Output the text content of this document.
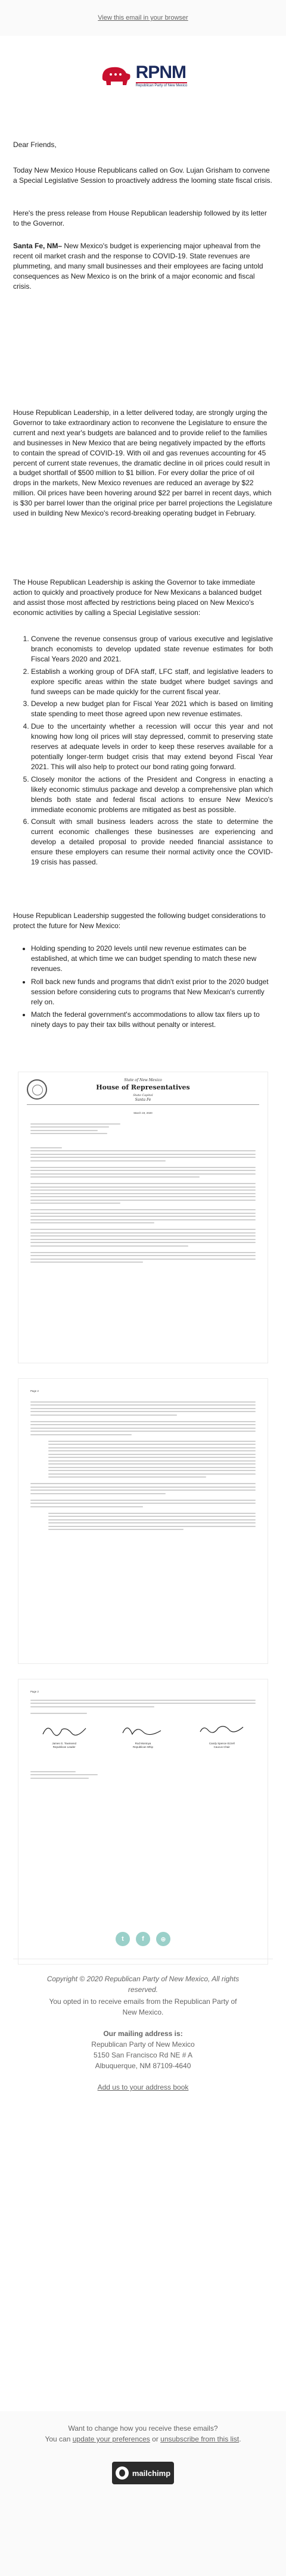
View this email in your browser
RPNM
Republican Party of New Mexico

Dear Friends,

Today New Mexico House Republicans called on Gov. Lujan Grisham to convene a Special Legislative Session to proactively address the looming state fiscal crisis.

Here's the press release from House Republican leadership followed by its letter to the Governor.

Santa Fe, NM– New Mexico's budget is experiencing major upheaval from the recent oil market crash and the response to COVID-19. State revenues are plummeting, and many small businesses and their employees are facing untold consequences as New Mexico is on the brink of a major economic and fiscal crisis.

House Republican Leadership, in a letter delivered today, are strongly urging the Governor to take extraordinary action to reconvene the Legislature to ensure the current and next year's budgets are balanced and to provide relief to the families and businesses in New Mexico that are being negatively impacted by the efforts to contain the spread of COVID-19. With oil and gas revenues accounting for 45 percent of current state revenues, the dramatic decline in oil prices could result in a budget shortfall of $500 million to $1 billion. For every dollar the price of oil drops in the markets, New Mexico revenues are reduced an average by $22 million. Oil prices have been hovering around $22 per barrel in recent days, which is $30 per barrel lower than the original price per barrel projections the Legislature used in building New Mexico's record-breaking operating budget in February.

The House Republican Leadership is asking the Governor to take immediate action to quickly and proactively produce for New Mexicans a balanced budget and assist those most affected by restrictions being placed on New Mexico's economic activities by calling a Special Legislative session:

1. Convene the revenue consensus group of various executive and legislative branch economists to develop updated state revenue estimates for both Fiscal Years 2020 and 2021.
2. Establish a working group of DFA staff, LFC staff, and legislative leaders to explore specific areas within the state budget where budget savings and fund sweeps can be made quickly for the current fiscal year.
3. Develop a new budget plan for Fiscal Year 2021 which is based on limiting state spending to meet those agreed upon new revenue estimates.
4. Due to the uncertainty whether a recession will occur this year and not knowing how long oil prices will stay depressed, commit to preserving state reserves at adequate levels in order to keep these reserves available for a potentially longer-term budget crisis that may extend beyond Fiscal Year 2021. This will also help to protect our bond rating going forward.
5. Closely monitor the actions of the President and Congress in enacting a likely economic stimulus package and develop a comprehensive plan which blends both state and federal fiscal actions to ensure New Mexico's immediate economic problems are mitigated as best as possible.
6. Consult with small business leaders across the state to determine the current economic challenges these businesses are experiencing and develop a detailed proposal to provide needed financial assistance to ensure these employers can resume their normal activity once the COVID-19 crisis has passed.

House Republican Leadership suggested the following budget considerations to protect the future for New Mexico:

• Holding spending to 2020 levels until new revenue estimates can be established, at which time we can budget spending to match these new revenues.
• Roll back new funds and programs that didn't exist prior to the 2020 budget session before considering cuts to programs that New Mexican's currently rely on.
• Match the federal government's accommodations to allow tax filers up to ninety days to pay their tax bills without penalty or interest.
State of New Mexico
House of Representatives
State Capitol
Santa Fe
March 19, 2020
Page 2
Page 2
James G. Townsend
Republican Leader
Rod Montoya
Republican Whip
Candy Spence Ezzell
Caucus Chair
t	f	⊕
Copyright © 2020 Republican Party of New Mexico, All rights reserved.
You opted in to receive emails from the Republican Party of New Mexico.
Our mailing address is:
Republican Party of New Mexico
5150 San Francisco Rd NE # A
Albuquerque, NM 87109-4640
Add us to your address book
Want to change how you receive these emails?
You can update your preferences or unsubscribe from this list.
mailchimp
